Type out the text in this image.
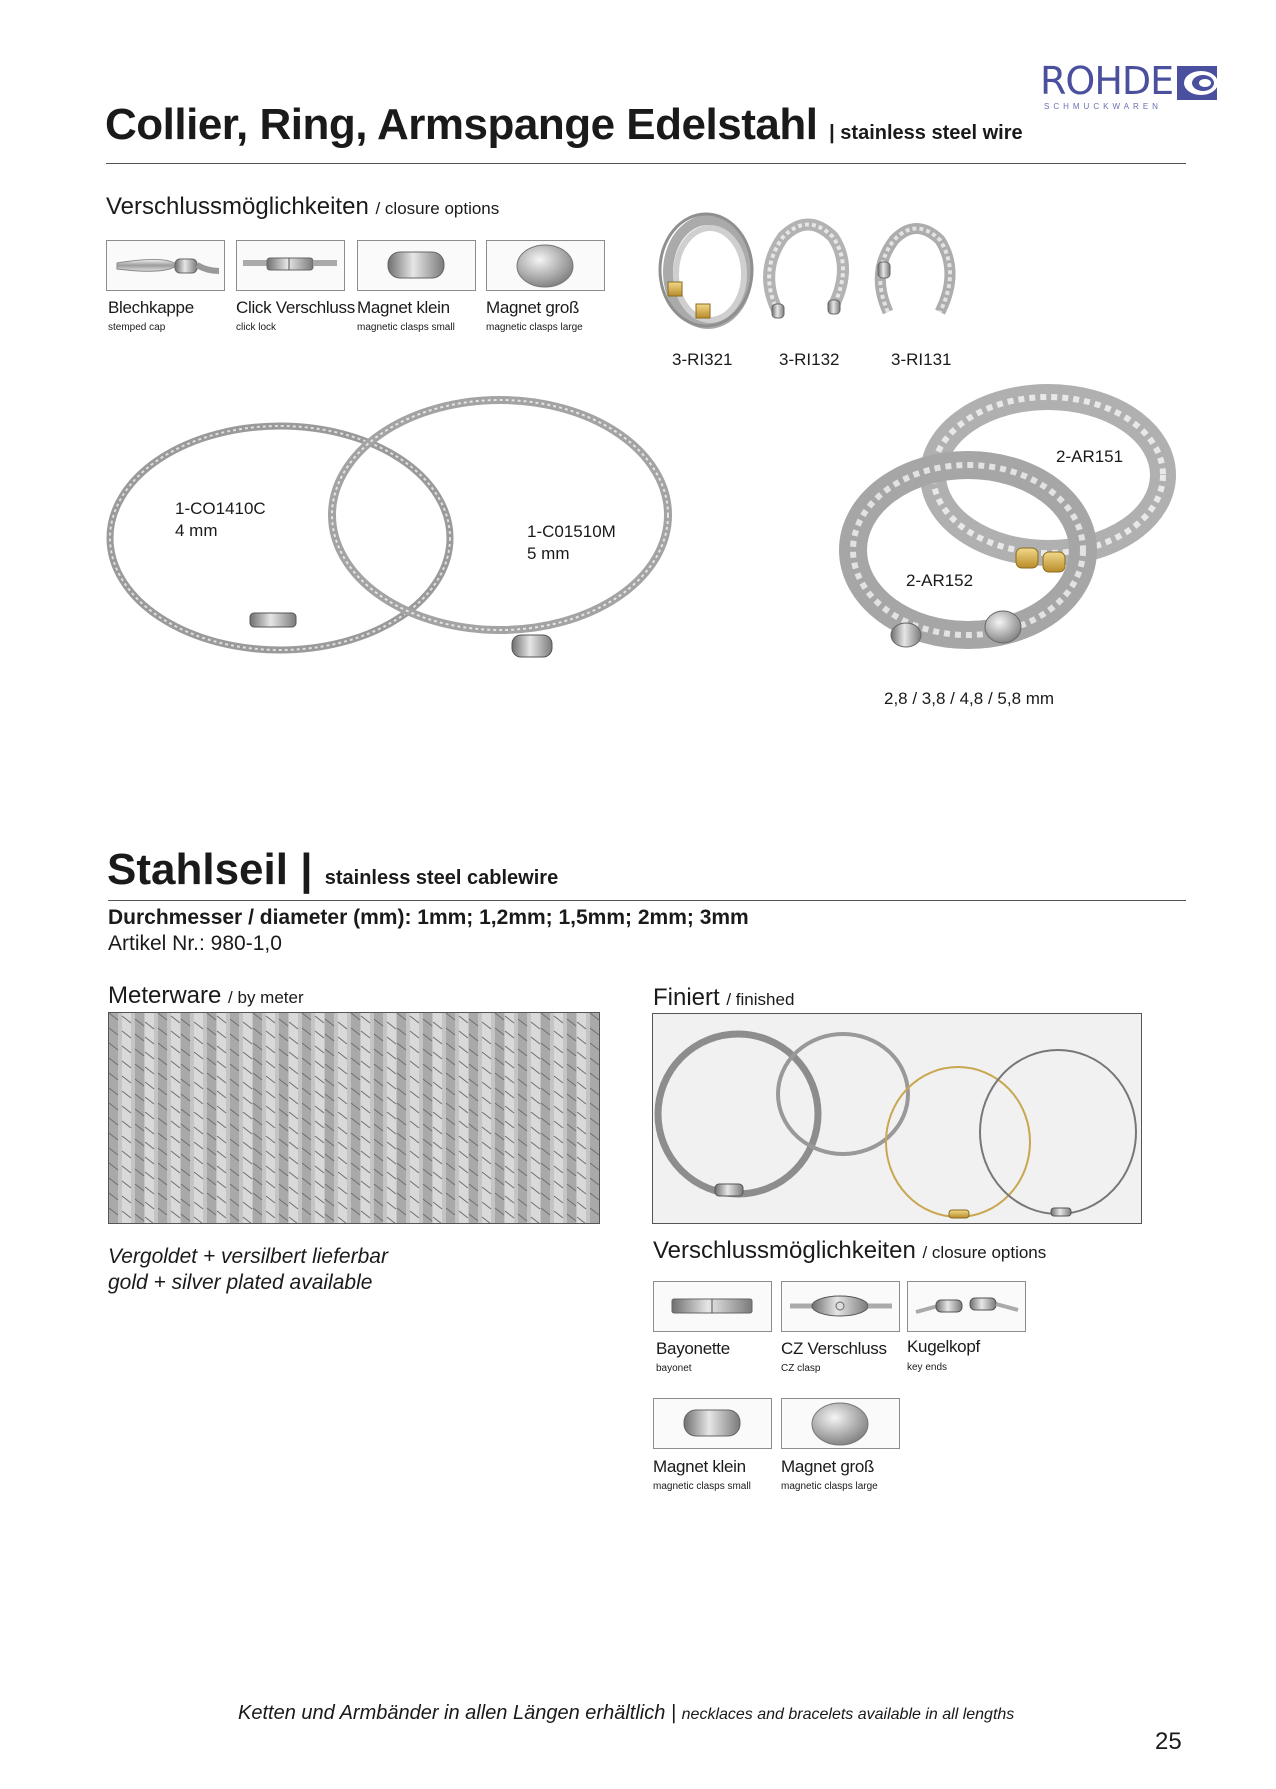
ROHDE
SCHMUCKWAREN
Collier, Ring, Armspange Edelstahl | stainless steel wire
Verschlussmöglichkeiten / closure options
Blechkappe
stemped cap
Click Verschluss
click lock
Magnet klein
magnetic clasps small
Magnet groß
magnetic clasps large
3-RI321	3-RI132	3-RI131
1-CO1410C
4 mm	1-C01510M
5 mm
2-AR151
2-AR152
2,8 / 3,8 / 4,8 / 5,8 mm
Stahlseil | stainless steel cablewire
Durchmesser / diameter (mm): 1mm; 1,2mm; 1,5mm; 2mm; 3mm
Artikel Nr.: 980-1,0
Meterware / by meter	Finiert / finished
Vergoldet + versilbert lieferbar
gold + silver plated available
Verschlussmöglichkeiten / closure options
Bayonette
bayonet
CZ Verschluss
CZ clasp
Kugelkopf
key ends
Magnet klein
magnetic clasps small
Magnet groß
magnetic clasps large
Ketten und Armbänder in allen Längen erhältlich | necklaces and bracelets available in all lengths
25
